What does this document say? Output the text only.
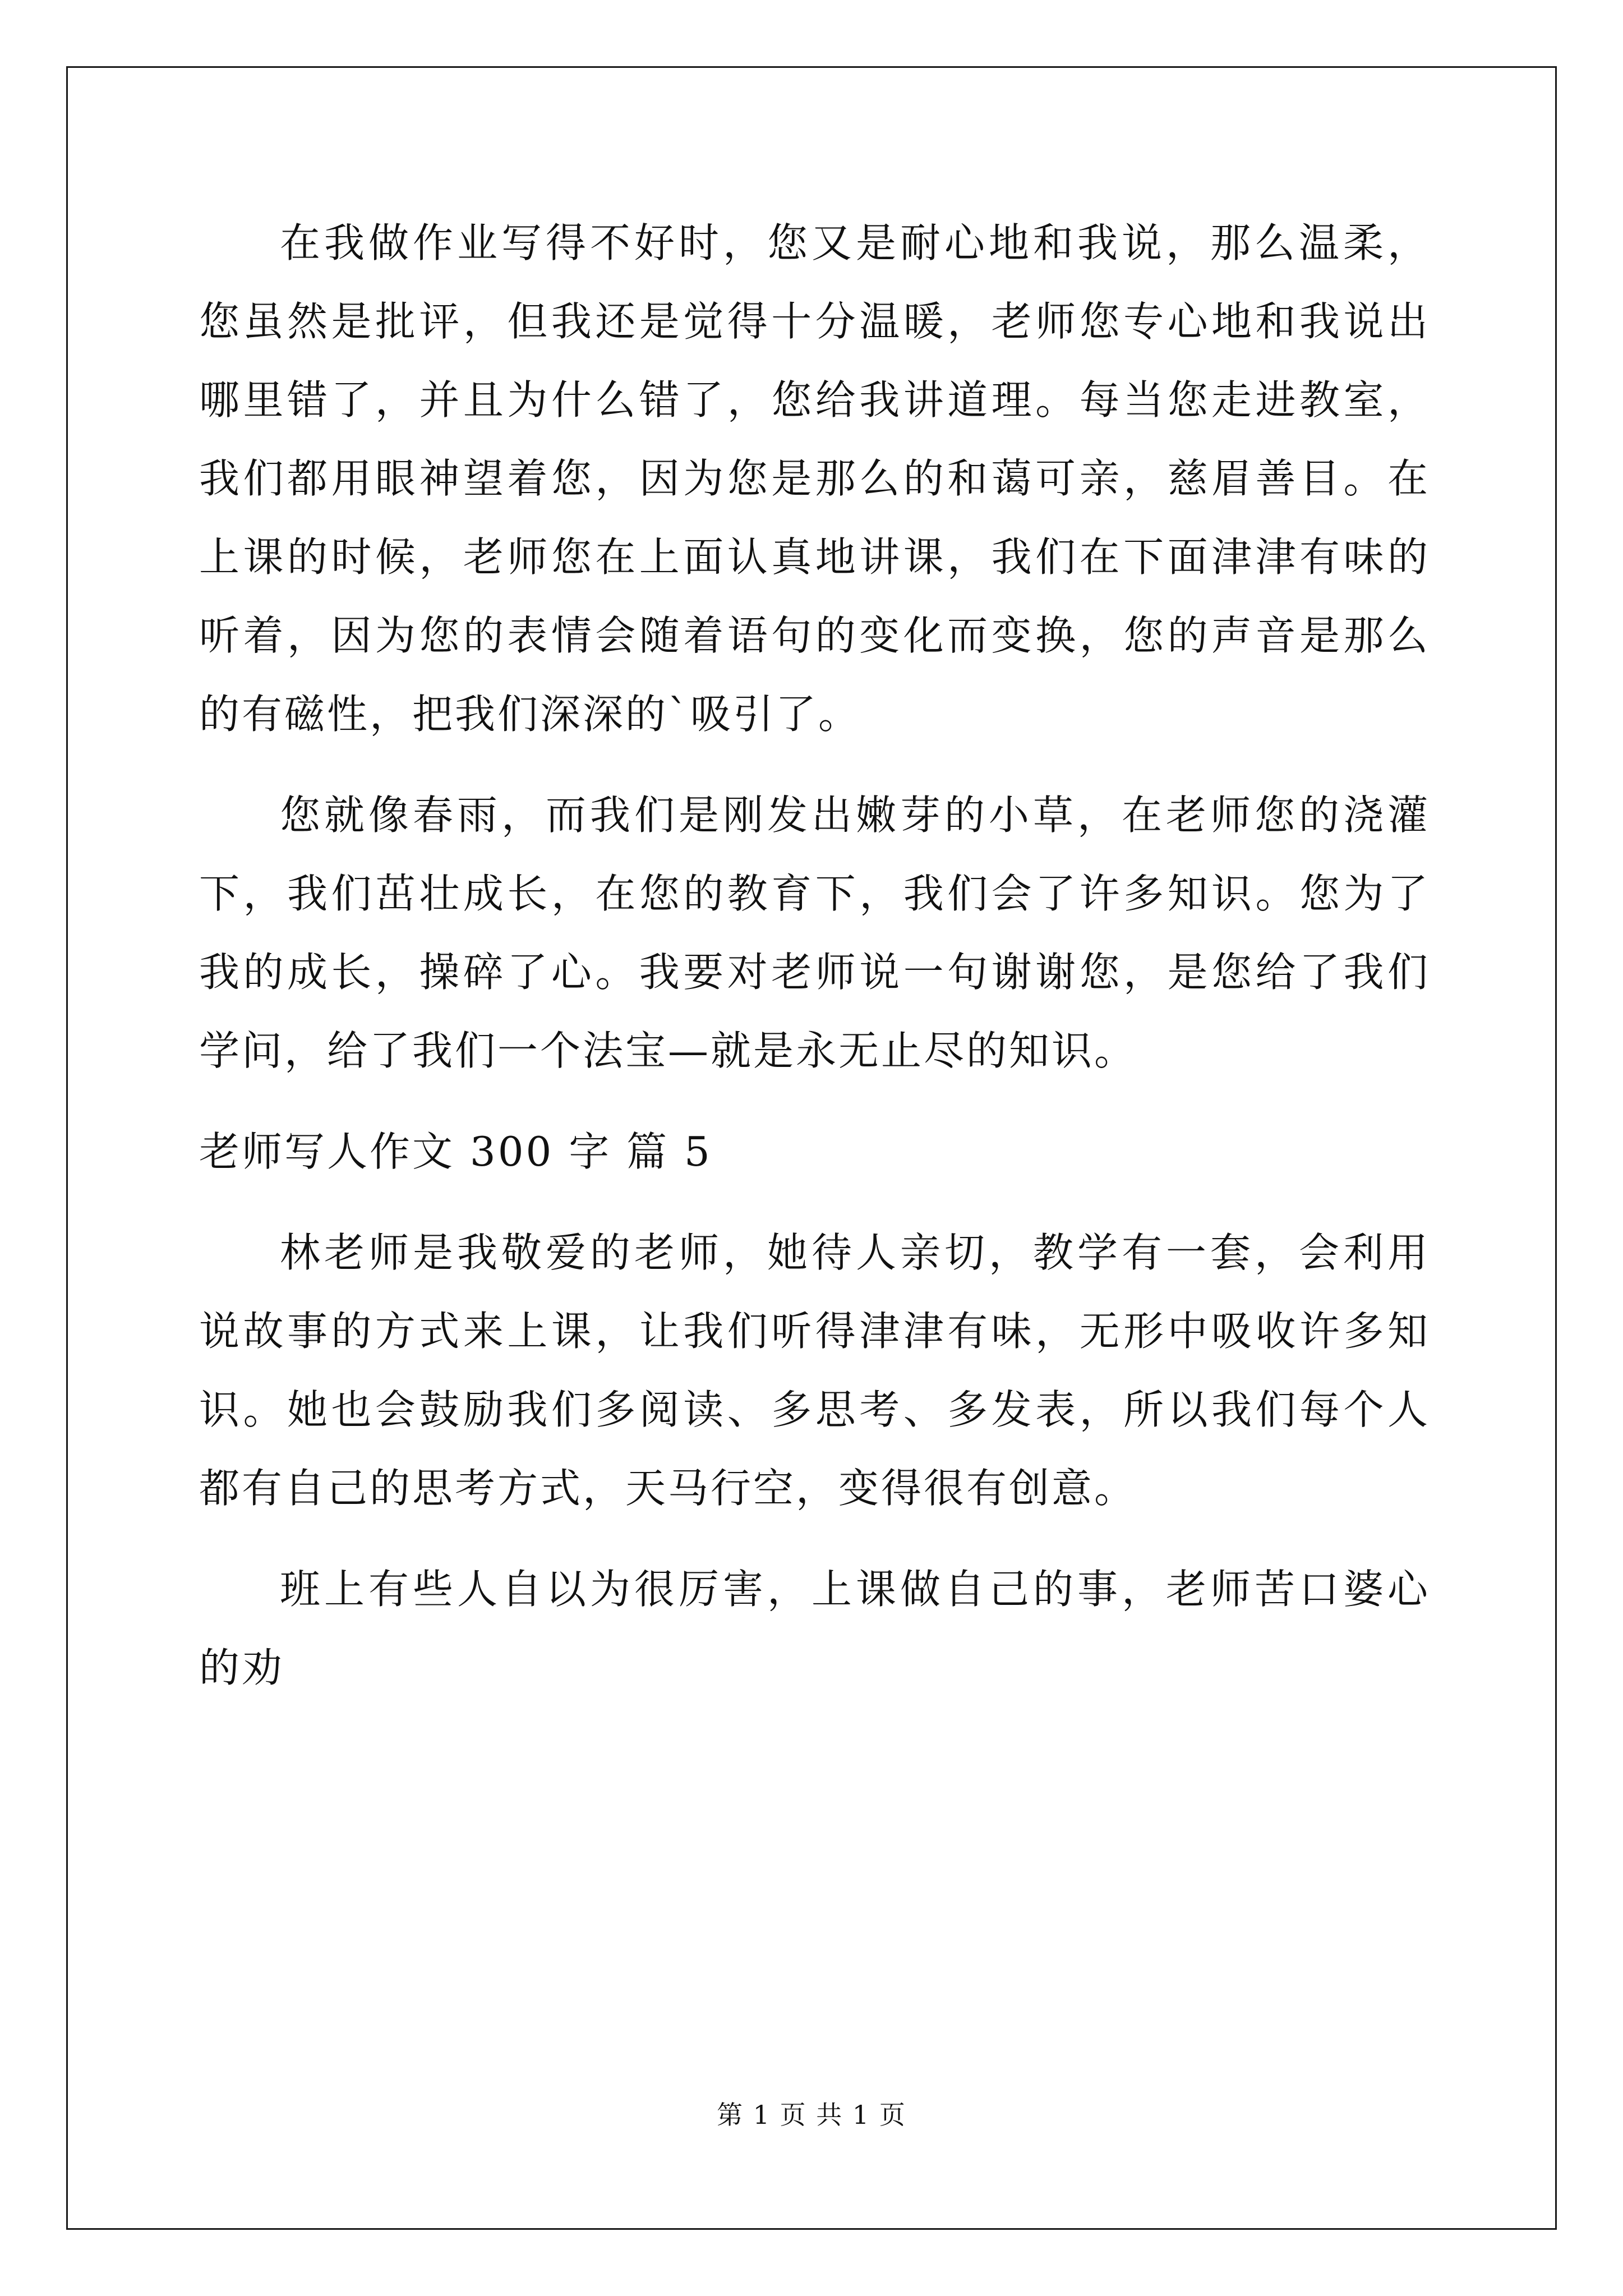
在我做作业写得不好时，您又是耐心地和我说，那么温柔，您虽然是批评，但我还是觉得十分温暖，老师您专心地和我说出哪里错了，并且为什么错了，您给我讲道理。每当您走进教室，我们都用眼神望着您，因为您是那么的和蔼可亲，慈眉善目。在上课的时候，老师您在上面认真地讲课，我们在下面津津有味的听着，因为您的表情会随着语句的变化而变换，您的声音是那么的有磁性，把我们深深的`吸引了。

您就像春雨，而我们是刚发出嫩芽的小草，在老师您的浇灌下，我们茁壮成长，在您的教育下，我们会了许多知识。您为了我的成长，操碎了心。我要对老师说一句谢谢您，是您给了我们学问，给了我们一个法宝—就是永无止尽的知识。

老师写人作文 300 字 篇 5

林老师是我敬爱的老师，她待人亲切，教学有一套，会利用说故事的方式来上课，让我们听得津津有味，无形中吸收许多知识。她也会鼓励我们多阅读、多思考、多发表，所以我们每个人都有自己的思考方式，天马行空，变得很有创意。

班上有些人自以为很厉害，上课做自己的事，老师苦口婆心的劝

第 1 页 共 1 页
